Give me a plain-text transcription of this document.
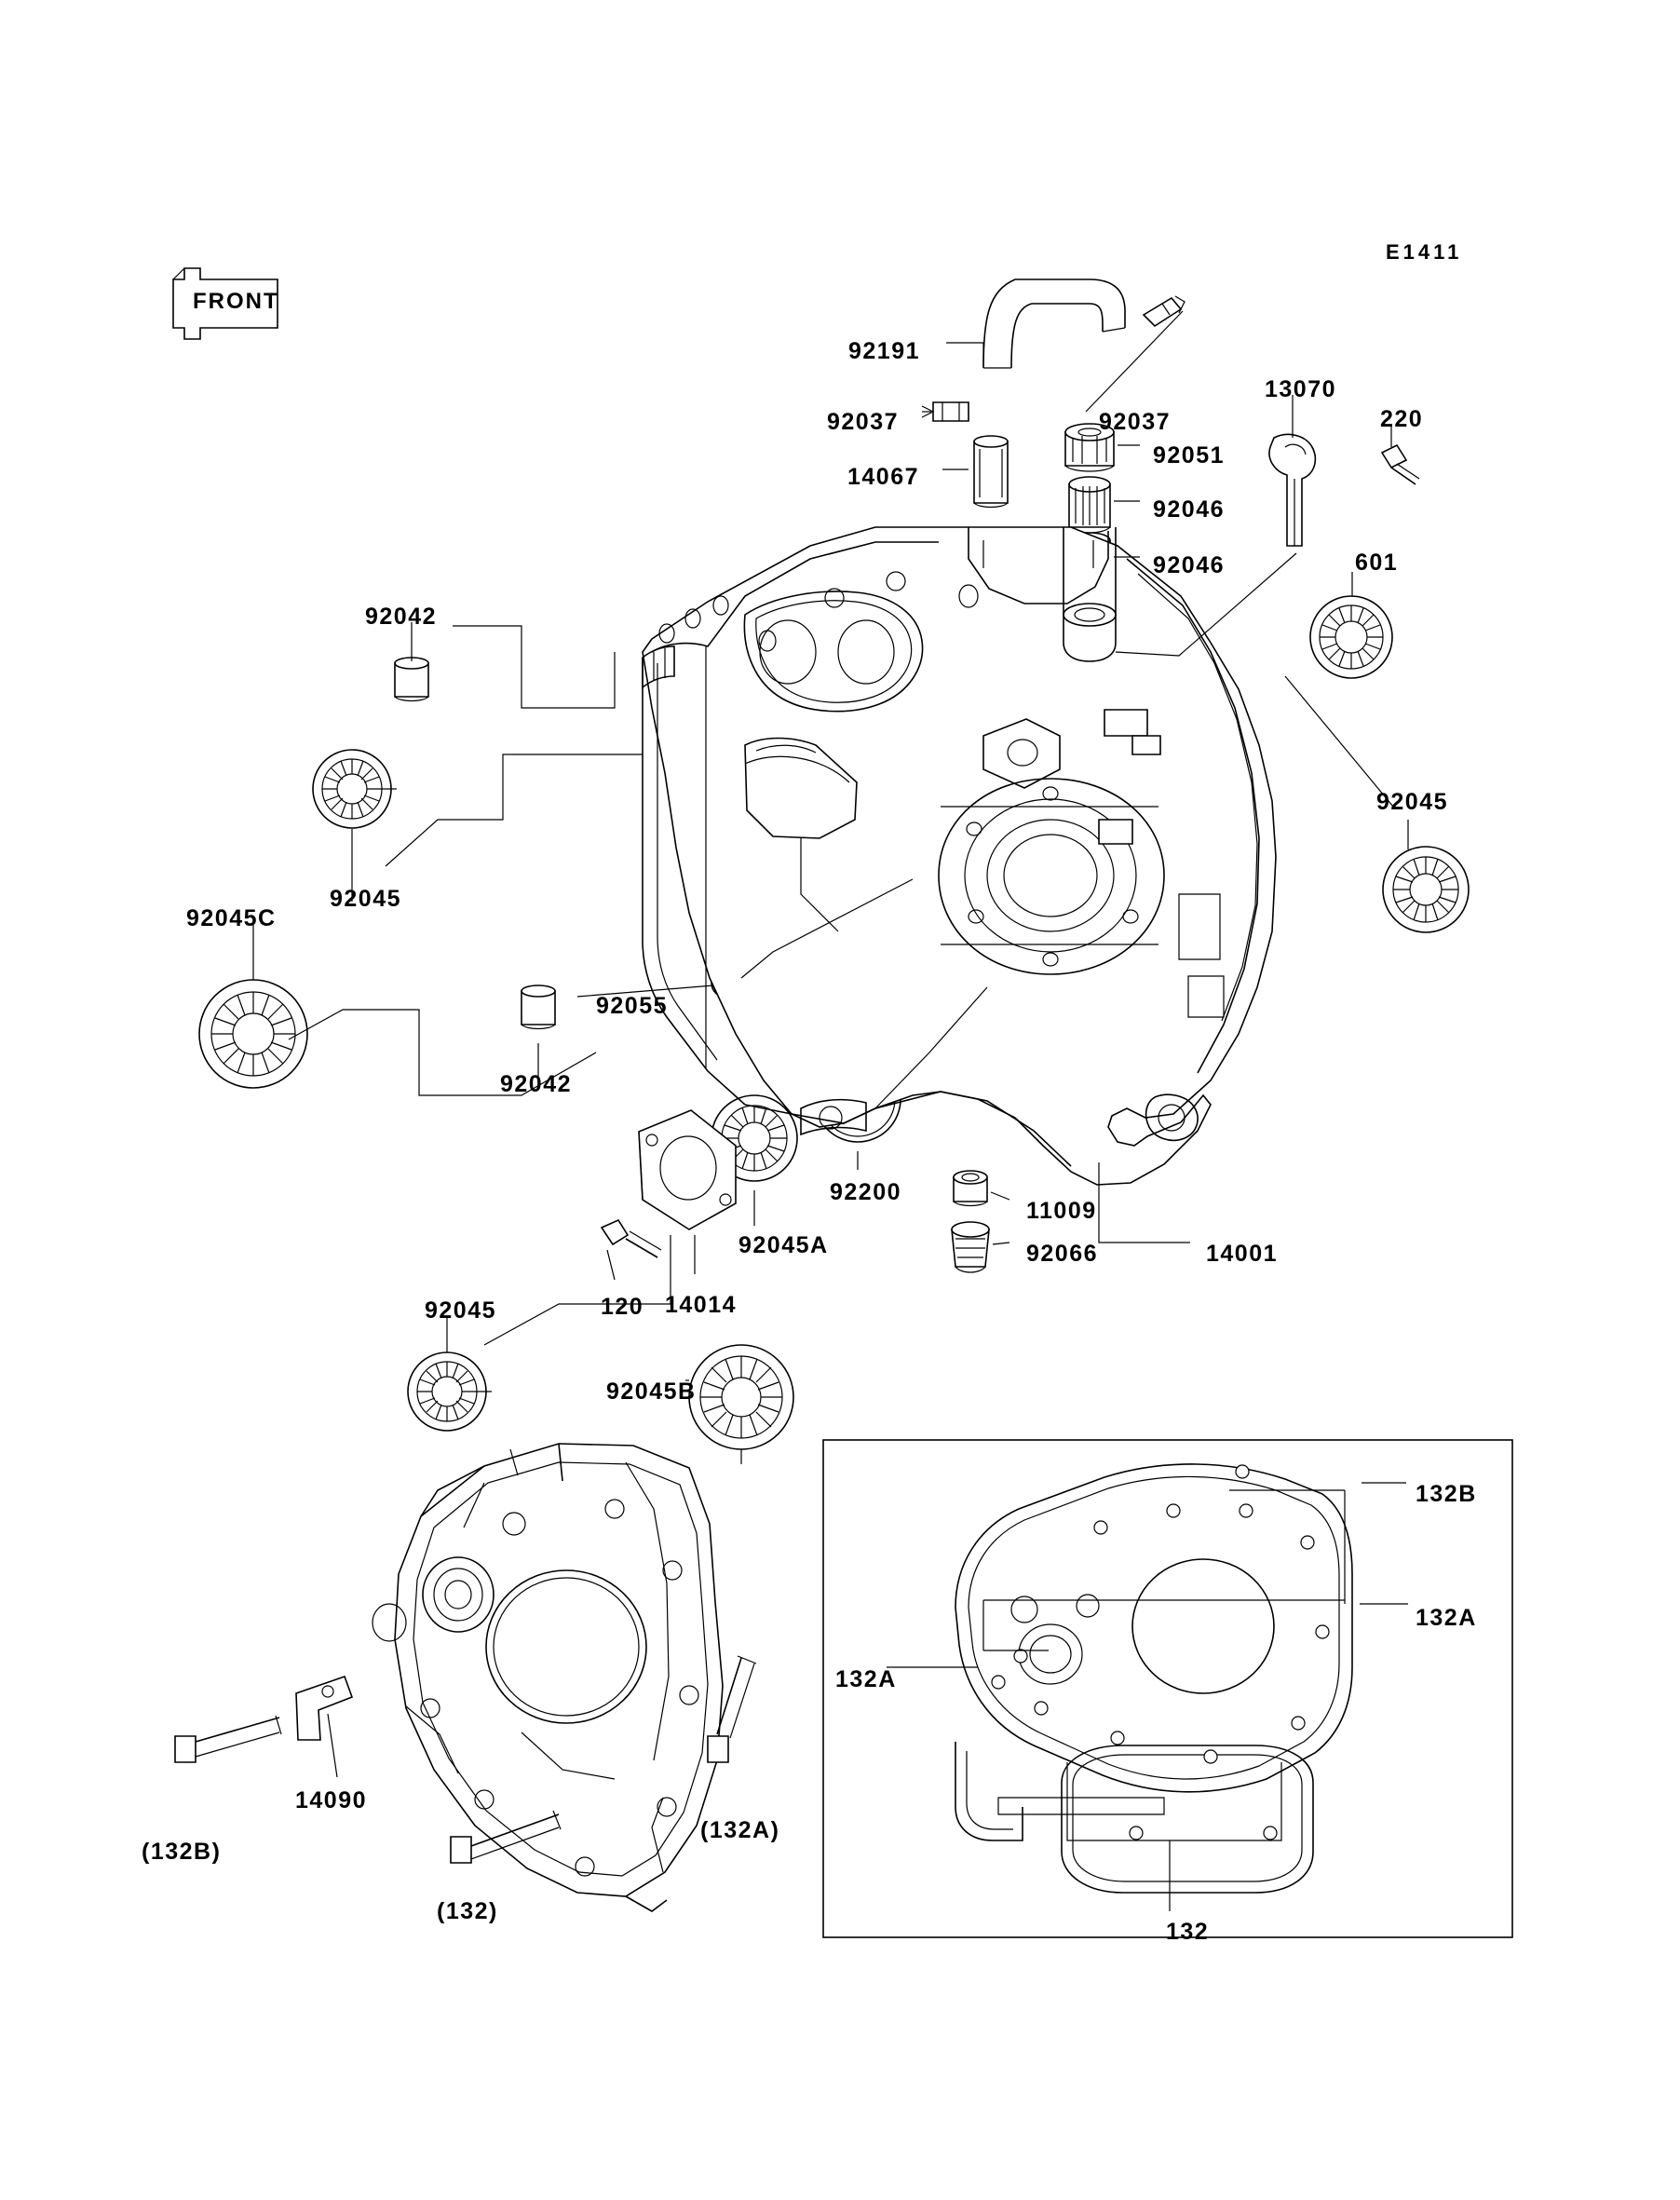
FRONT
E1411
92191
92037
14067
92037
92051
92046
92046
13070
220
601
92042
92045
92045C
92045
92055
92042
92200
92045A
14014
120
11009
92066	14001
92045
92045B
14090
(132B)
(132A)
(132)
132B
132A
132A
132
